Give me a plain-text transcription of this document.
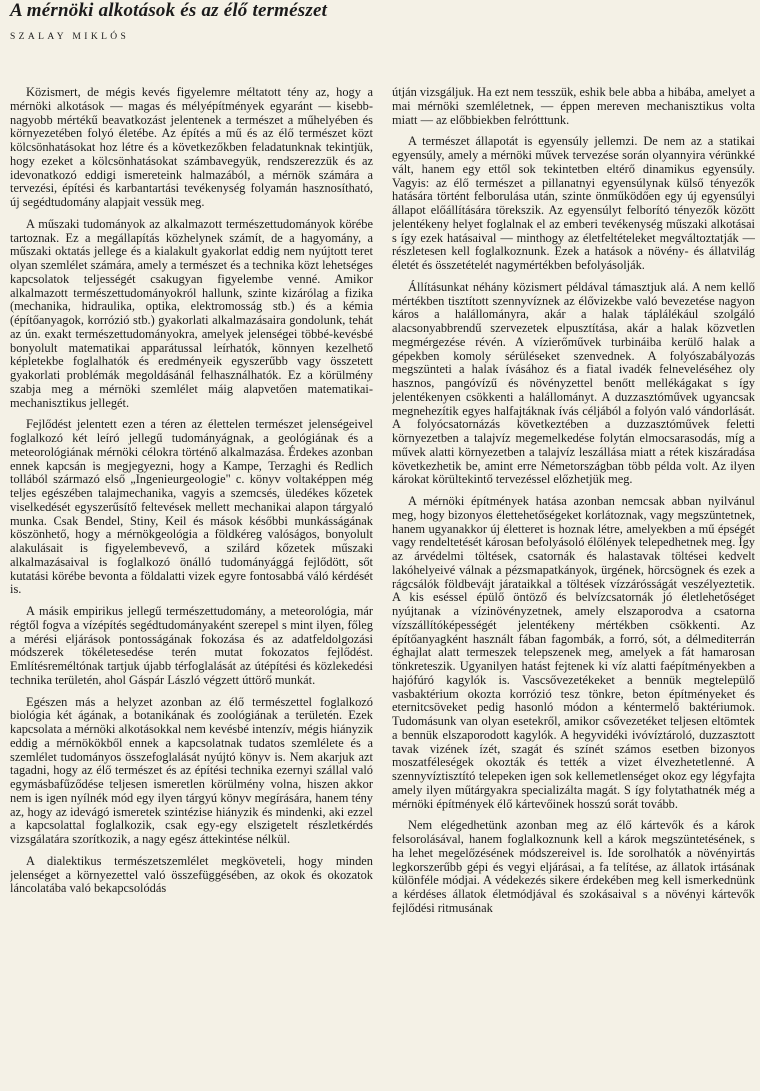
A mérnöki alkotások és az élő természet
SZALAY MIKLÓS

Közismert, de mégis kevés figyelemre méltatott tény az, hogy a mérnöki alkotások — magas és mélyépítmények egyaránt — kisebb-nagyobb mértékű beavatkozást jelentenek a természet a műhelyében és környezetében folyó életébe. Az építés a mű és az élő természet közt kölcsönhatásokat hoz létre és a következőkben feladatunknak tekintjük, hogy ezeket a kölcsönhatásokat számbavegyük, rendszerezzük és az idevonatkozó eddigi ismereteink halmazából, a mérnök számára a tervezési, építési és karbantartási tevékenység folyamán hasznosítható, új segédtudomány alapjait vessük meg.

A műszaki tudományok az alkalmazott természettudományok körébe tartoznak. Ez a megállapítás közhelynek számít, de a hagyomány, a műszaki oktatás jellege és a kialakult gyakorlat eddig nem nyújtott teret olyan szemlélet számára, amely a természet és a technika közt lehetséges kapcsolatok teljességét csakugyan figyelembe venné. Amikor alkalmazott természettudományokról hallunk, szinte kizárólag a fizika (mechanika, hidraulika, optika, elektromosság stb.) és a kémia (építőanyagok, korrózió stb.) gyakorlati alkalmazásaira gondolunk, tehát az ún. exakt természettudományokra, amelyek jelenségei többé-kevésbé bonyolult matematikai apparátussal leírhatók, könnyen kezelhető képletekbe foglalhatók és eredményeik egyszerűbb vagy összetett gyakorlati problémák megoldásánál felhasználhatók. Ez a körülmény szabja meg a mérnöki szemlélet máig alapvetően matematikai-mechanisztikus jellegét.

Fejlődést jelentett ezen a téren az élettelen természet jelenségeivel foglalkozó két leíró jellegű tudományágnak, a geológiának és a meteorológiának mérnöki célokra történő alkalmazása. Érdekes azonban ennek kapcsán is megjegyezni, hogy a Kampe, Terzaghi és Redlich tollából származó első „Ingenieurgeologie" c. könyv voltaképpen még teljes egészében talajmechanika, vagyis a szemcsés, üledékes kőzetek viselkedését egyszerűsítő feltevések mellett mechanikai alapon tárgyaló munka. Csak Bendel, Stiny, Keil és mások későbbi munkásságának köszönhető, hogy a mérnökgeológia a földkéreg valóságos, bonyolult alakulásait is figyelembevevő, a szilárd kőzetek műszaki alkalmazásaival is foglalkozó önálló tudományággá fejlődött, sőt kutatási körébe bevonta a földalatti vizek egyre fontosabbá váló kérdését is.

A másik empirikus jellegű természettudomány, a meteorológia, már régtől fogva a vízépítés segédtudományaként szerepel s mint ilyen, főleg a mérési eljárások pontosságának fokozása és az adatfeldolgozási módszerek tökéletesedése terén mutat fokozatos fejlődést. Említésreméltónak tartjuk újabb térfoglalását az útépítési és közlekedési technika területén, ahol Gáspár László végzett úttörő munkát.

Egészen más a helyzet azonban az élő természettel foglalkozó biológia két ágának, a botanikának és zoológiának a területén. Ezek kapcsolata a mérnöki alkotásokkal nem kevésbé intenzív, mégis hiányzik eddig a mérnökökből ennek a kapcsolatnak tudatos szemlélete és a szemlélet tudományos összefoglalását nyújtó könyv is. Nem akarjuk azt tagadni, hogy az élő természet és az építési technika ezernyi szállal való egymásbafűződése teljesen ismeretlen körülmény volna, hiszen akkor nem is igen nyílnék mód egy ilyen tárgyú könyv megírására, hanem tény az, hogy az idevágó ismeretek szintézise hiányzik és mindenki, aki ezzel a kapcsolattal foglalkozik, csak egy-egy elszigetelt részletkérdés vizsgálatára szorítkozik, a nagy egész áttekintése nélkül.

A dialektikus természetszemlélet megköveteli, hogy minden jelenséget a környezettel való összefüggésében, az okok és okozatok láncolatába való bekapcsolódás

útján vizsgáljuk. Ha ezt nem tesszük, eshik bele abba a hibába, amelyet a mai mérnöki szemléletnek, — éppen mereven mechanisztikus volta miatt — az előbbiekben felrótttunk.

A természet állapotát is egyensúly jellemzi. De nem az a statikai egyensúly, amely a mérnöki művek tervezése során olyannyira vérünkké vált, hanem egy ettől sok tekintetben eltérő dinamikus egyensúly. Vagyis: az élő természet a pillanatnyi egyensúlynak külső tényezők hatására történt felborulása után, szinte önműködően egy új egyensúlyi állapot előállítására törekszik. Az egyensúlyt felborító tényezők között jelentékeny helyet foglalnak el az emberi tevékenység műszaki alkotásai s így ezek hatásaival — minthogy az életfeltételeket megváltoztatják — részletesen kell foglalkoznunk. Ezek a hatások a növény- és állatvilág életét és összetételét nagymértékben befolyásolják.

Állításunkat néhány közismert példával támasztjuk alá. A nem kellő mértékben tisztított szennyvíznek az élővizekbe való bevezetése nagyon káros a halállományra, akár a halak táplálékául szolgáló alacsonyabbrendű szervezetek elpusztítása, akár a halak közvetlen megmérgezése révén. A vízierőművek turbináiba kerülő halak a gépekben komoly sérüléseket szenvednek. A folyószabályozás megszünteti a halak ívásához és a fiatal ivadék felneveléséhez oly hasznos, pangóvízű és növényzettel benőtt mellékágakat s így jelentékenyen csökkenti a halállományt. A duzzasztóművek ugyancsak megnehezítik egyes halfajtáknak ívás céljából a folyón való vándorlását. A folyócsatornázás következtében a duzzasztóművek feletti környezetben a talajvíz megemelkedése folytán elmocsarasodás, míg a művek alatti környezetben a talajvíz leszállása miatt a rétek kiszáradása következhetik be, amint erre Németországban több példa volt. Az ilyen károkat körültekintő tervezéssel előzhetjük meg.

A mérnöki építmények hatása azonban nemcsak abban nyilvánul meg, hogy bizonyos élettehetőségeket korlátoznak, vagy megszüntetnek, hanem ugyanakkor új életteret is hoznak létre, amelyekben a mű épségét vagy rendeltetését károsan befolyásoló élőlények telepedhetnek meg. Így az árvédelmi töltések, csatornák és halastavak töltései kedvelt lakóhelyeivé válnak a pézsmapatkányok, ürgének, hörcsögnek és ezek a rágcsálók földbevájt járataikkal a töltések vízzárósságát veszélyeztetik. A kis eséssel épülő öntöző és belvízcsatornák jó életlehetőséget nyújtanak a vízinövényzetnek, amely elszaporodva a csatorna vízszállítóképességét jelentékeny mértékben csökkenti. Az építőanyagként használt fában fagombák, a forró, sót, a délmediterrán éghajlat alatt termeszek telepszenek meg, amelyek a fát hamarosan tönkreteszik. Ugyanilyen hatást fejtenek ki víz alatti faépítményekben a hajófúró kagylók is. Vascsővezetékeket a bennük megtelepülő vasbaktérium okozta korrózió tesz tönkre, beton építményeket és eternitcsöveket pedig hasonló módon a kéntermelő baktériumok. Tudomásunk van olyan esetekről, amikor csővezetéket teljesen eltömtek a bennük elszaporodott kagylók. A hegyvidéki ivóvíztároló, duzzasztott tavak vizének ízét, szagát és színét számos esetben bizonyos moszatféleségek okozták és tették a vizet élvezhetetlenné. A szennyvíztisztító telepeken igen sok kellemetlenséget okoz egy légyfajta amely ilyen műtárgyakra specializálta magát. S így folytathatnék még a mérnöki építmények élő kártevőinek hosszú sorát tovább.

Nem elégedhetünk azonban meg az élő kártevők és a károk felsorolásával, hanem foglalkoznunk kell a károk megszüntetésének, s ha lehet megelőzésének módszereivel is. Ide sorolhatók a növényirtás legkorszerűbb gépi és vegyi eljárásai, a fa telítése, az állatok irtásának különféle módjai. A védekezés sikere érdekében meg kell ismerkednünk a kérdéses állatok életmódjával és szokásaival s a növényi kártevők fejlődési ritmusának
